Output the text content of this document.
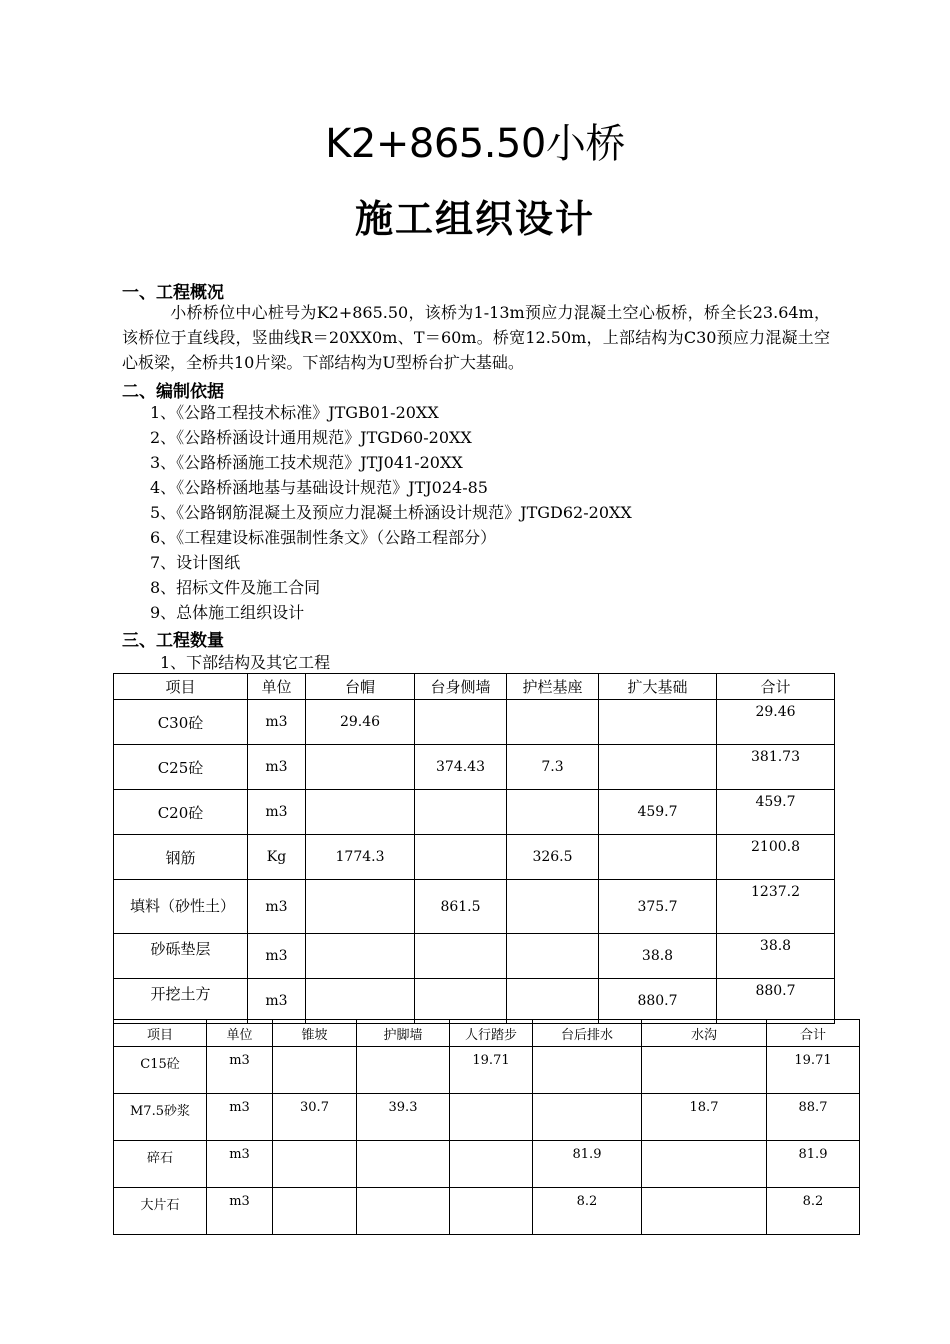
K2+865.50小桥
施工组织设计
一、工程概况
小桥桥位中心桩号为K2+865.50，该桥为1-13m预应力混凝土空心板桥，桥全长23.64m，该桥位于直线段，竖曲线R＝20XX0m、T＝60m。桥宽12.50m，上部结构为C30预应力混凝土空心板梁，全桥共10片梁。下部结构为U型桥台扩大基础。
二、编制依据
1、《公路工程技术标准》JTGB01-20XX
2、《公路桥涵设计通用规范》JTGD60-20XX
3、《公路桥涵施工技术规范》JTJ041-20XX
4、《公路桥涵地基与基础设计规范》JTJ024-85
5、《公路钢筋混凝土及预应力混凝土桥涵设计规范》JTGD62-20XX
6、《工程建设标准强制性条文》（公路工程部分）
7、设计图纸
8、招标文件及施工合同
9、总体施工组织设计
三、工程数量
1、下部结构及其它工程
项目	单位	台帽	台身侧墙	护栏基座	扩大基础	合计
C30砼	m3	29.46				29.46
C25砼	m3		374.43	7.3		381.73
C20砼	m3				459.7	459.7
钢筋	Kg	1774.3		326.5		2100.8
填料（砂性土）	m3		861.5		375.7	1237.2
砂砾垫层	m3				38.8	38.8
开挖土方	m3				880.7	880.7
项目	单位	锥坡	护脚墙	人行踏步	台后排水	水沟	合计
C15砼	m3			19.71			19.71
M7.5砂浆	m3	30.7	39.3			18.7	88.7
碎石	m3				81.9		81.9
大片石	m3				8.2		8.2
